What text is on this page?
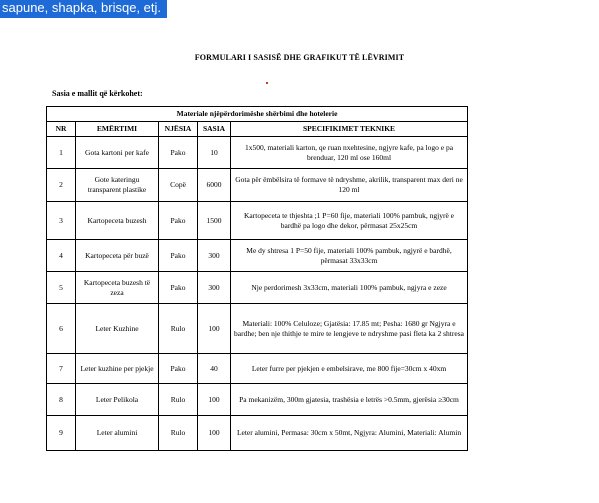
sapune, shapka, brisqe, etj.
FORMULARI I SASISË DHE GRAFIKUT TË LËVRIMIT
Sasia e mallit që kërkohet:
Materiale njëpërdorimëshe shërbimi dhe hotelerie				
NR	EMËRTIMI	NJËSIA	SASIA	SPECIFIKIMET TEKNIKE
1	Gota kartoni per kafe	Pako	10	1x500, materiali karton, qe ruan nxehtesine, ngjyre kafe, pa logo e pa brenduar, 120 ml ose 160ml
2	Gote kateringu transparent plastike	Copë	6000	Gota për ëmbëlsira të formave të ndryshme, akrilik, transparent max deri ne 120 ml
3	Kartopeceta buzesh	Pako	1500	Kartopeceta te thjeshta ;1 P=60 fije, materiali 100% pambuk, ngjyrë e bardhë pa logo dhe dekor, përmasat 25x25cm
4	Kartopeceta për buzë	Pako	300	Me dy shtresa 1 P=50 fije, materiali 100% pambuk, ngjyrë e bardhë, përmasat 33x33cm
5	Kartopeceta buzesh të zeza	Pako	300	Nje perdorimesh 3x33cm, materiali 100% pambuk, ngjyra e zeze
6	Leter Kuzhine	Rulo	100	Materiali: 100% Celuloze; Gjatësia: 17.85 mt; Pesha: 1680 gr Ngjyra e bardhe; ben nje thithje te mire te lengjeve te ndryshme pasi fleta ka 2 shtresa
7	Leter kuzhine per pjekje	Pako	40	Leter furre per pjekjen e embelsirave, me 800 fije=30cm x 40xm
8	Leter Pelikola	Rulo	100	Pa mekanizëm, 300m gjatesia, trashësia e letrës >0.5mm, gjerësia ≥30cm
9	Leter alumini	Rulo	100	Leter alumini, Permasa: 30cm x 50mt, Ngjyra: Alumini, Materiali: Alumin
